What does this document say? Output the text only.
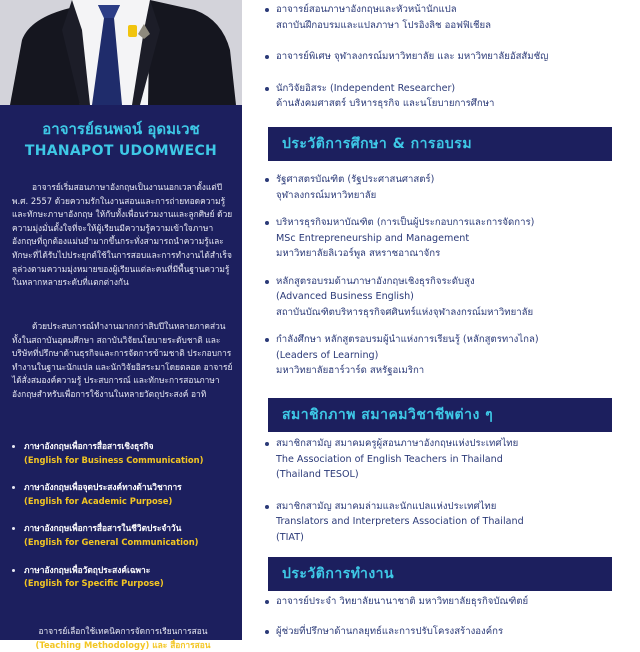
อาจารย์ธนพจน์ อุดมเวช
THANAPOT UDOMWECH

อาจารย์เริ่มสอนภาษาอังกฤษเป็นงานนอกเวลาตั้งแต่ปี พ.ศ. 2557 ด้วยความรักในงานสอนและการถ่ายทอดความรู้และทักษะภาษาอังกฤษ ให้กับทั้งเพื่อนร่วมงานและลูกศิษย์ ด้วยความมุ่งมั่นตั้งใจที่จะให้ผู้เรียนมีความรู้ความเข้าใจภาษาอังกฤษที่ถูกต้องแม่นยำมากขึ้นกระทั่งสามารถนำความรู้และทักษะที่ได้รับไปประยุกต์ใช้ในการสอบและการทำงานได้สำเร็จลุล่วงตามความมุ่งหมายของผู้เรียนแต่ละคนที่มีพื้นฐานความรู้ในหลากหลายระดับที่แตกต่างกัน

ด้วยประสบการณ์ทำงานมากกว่าสิบปีในหลายภาคส่วนทั้งในสถาบันอุดมศึกษา สถาบันวิจัยนโยบายระดับชาติ และบริษัทที่ปรึกษาด้านธุรกิจและการจัดการข้ามชาติ ประกอบการทำงานในฐานะนักแปล และนักวิจัยอิสระมาโดยตลอด อาจารย์ได้สั่งสมองค์ความรู้ ประสบการณ์ และทักษะการสอนภาษาอังกฤษสำหรับเพื่อการใช้งานในหลายวัตถุประสงค์ อาทิ

ภาษาอังกฤษเพื่อการสื่อสารเชิงธุรกิจ
(English for Business Communication)
ภาษาอังกฤษเพื่อจุดประสงค์ทางด้านวิชาการ
(English for Academic Purpose)
ภาษาอังกฤษเพื่อการสื่อสารในชีวิตประจำวัน
(English for General Communication)
ภาษาอังกฤษเพื่อวัตถุประสงค์เฉพาะ
(English for Specific Purpose)

อาจารย์เลือกใช้เทคนิคการจัดการเรียนการสอน
(Teaching Methodology) และ สื่อการสอน

อาจารย์สอนภาษาอังกฤษและหัวหน้านักแปล
สถาบันฝึกอบรมและแปลภาษา โปรอิงลิช ออฟฟิเชียล
อาจารย์พิเศษ จุฬาลงกรณ์มหาวิทยาลัย และ มหาวิทยาลัยอัสสัมชัญ
นักวิจัยอิสระ (Independent Researcher)
ด้านสังคมศาสตร์ บริหารธุรกิจ และนโยบายการศึกษา
ประวัติการศึกษา & การอบรม
รัฐศาสตรบัณฑิต (รัฐประศาสนศาสตร์)
จุฬาลงกรณ์มหาวิทยาลัย
บริหารธุรกิจมหาบัณฑิต (การเป็นผู้ประกอบการและการจัดการ)
MSc Entrepreneurship and Management
มหาวิทยาลัยลิเวอร์พูล สหราชอาณาจักร
หลักสูตรอบรมด้านภาษาอังกฤษเชิงธุรกิจระดับสูง
(Advanced Business English)
สถาบันบัณฑิตบริหารธุรกิจศศินทร์แห่งจุฬาลงกรณ์มหาวิทยาลัย
กำลังศึกษา หลักสูตรอบรมผู้นำแห่งการเรียนรู้ (หลักสูตรทางไกล)
(Leaders of Learning)
มหาวิทยาลัยฮาร์วาร์ด สหรัฐอเมริกา
สมาชิกภาพ สมาคมวิชาชีพต่าง ๆ
สมาชิกสามัญ สมาคมครูผู้สอนภาษาอังกฤษแห่งประเทศไทย
The Association of English Teachers in Thailand
(Thailand TESOL)
สมาชิกสามัญ สมาคมล่ามและนักแปลแห่งประเทศไทย
Translators and Interpreters Association of Thailand
(TIAT)
ประวัติการทำงาน
อาจารย์ประจำ วิทยาลัยนานาชาติ มหาวิทยาลัยธุรกิจบัณฑิตย์
ผู้ช่วยที่ปรึกษาด้านกลยุทธ์และการปรับโครงสร้างองค์กร
